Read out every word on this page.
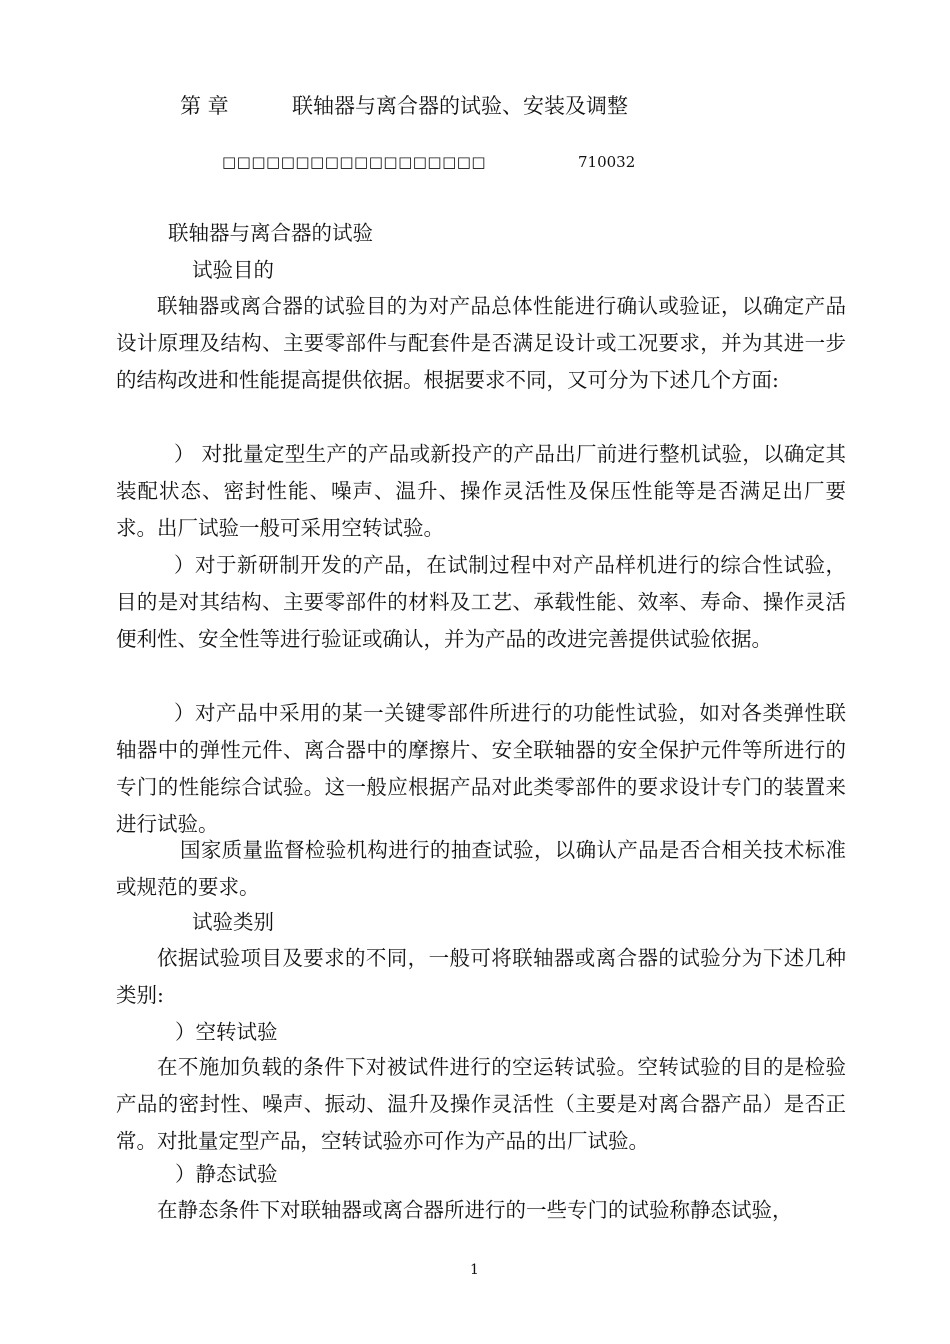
第 章	联轴器与离合器的试验、安装及调整
□□□□□□□□□□□□□□□□□□	710032
联轴器与离合器的试验
试验目的
联轴器或离合器的试验目的为对产品总体性能进行确认或验证，以确定产品设计原理及结构、主要零部件与配套件是否满足设计或工况要求，并为其进一步的结构改进和性能提高提供依据。根据要求不同，又可分为下述几个方面:
） 对批量定型生产的产品或新投产的产品出厂前进行整机试验，以确定其装配状态、密封性能、噪声、温升、操作灵活性及保压性能等是否满足出厂要求。出厂试验一般可采用空转试验。
）对于新研制开发的产品，在试制过程中对产品样机进行的综合性试验，目的是对其结构、主要零部件的材料及工艺、承载性能、效率、寿命、操作灵活便利性、安全性等进行验证或确认，并为产品的改进完善提供试验依据。
）对产品中采用的某一关键零部件所进行的功能性试验，如对各类弹性联轴器中的弹性元件、离合器中的摩擦片、安全联轴器的安全保护元件等所进行的专门的性能综合试验。这一般应根据产品对此类零部件的要求设计专门的装置来进行试验。
国家质量监督检验机构进行的抽查试验，以确认产品是否合相关技术标准或规范的要求。
试验类别
依据试验项目及要求的不同，一般可将联轴器或离合器的试验分为下述几种类别:
）空转试验
在不施加负载的条件下对被试件进行的空运转试验。空转试验的目的是检验产品的密封性、噪声、振动、温升及操作灵活性（主要是对离合器产品）是否正常。对批量定型产品，空转试验亦可作为产品的出厂试验。
）静态试验
在静态条件下对联轴器或离合器所进行的一些专门的试验称静态试验，
1
